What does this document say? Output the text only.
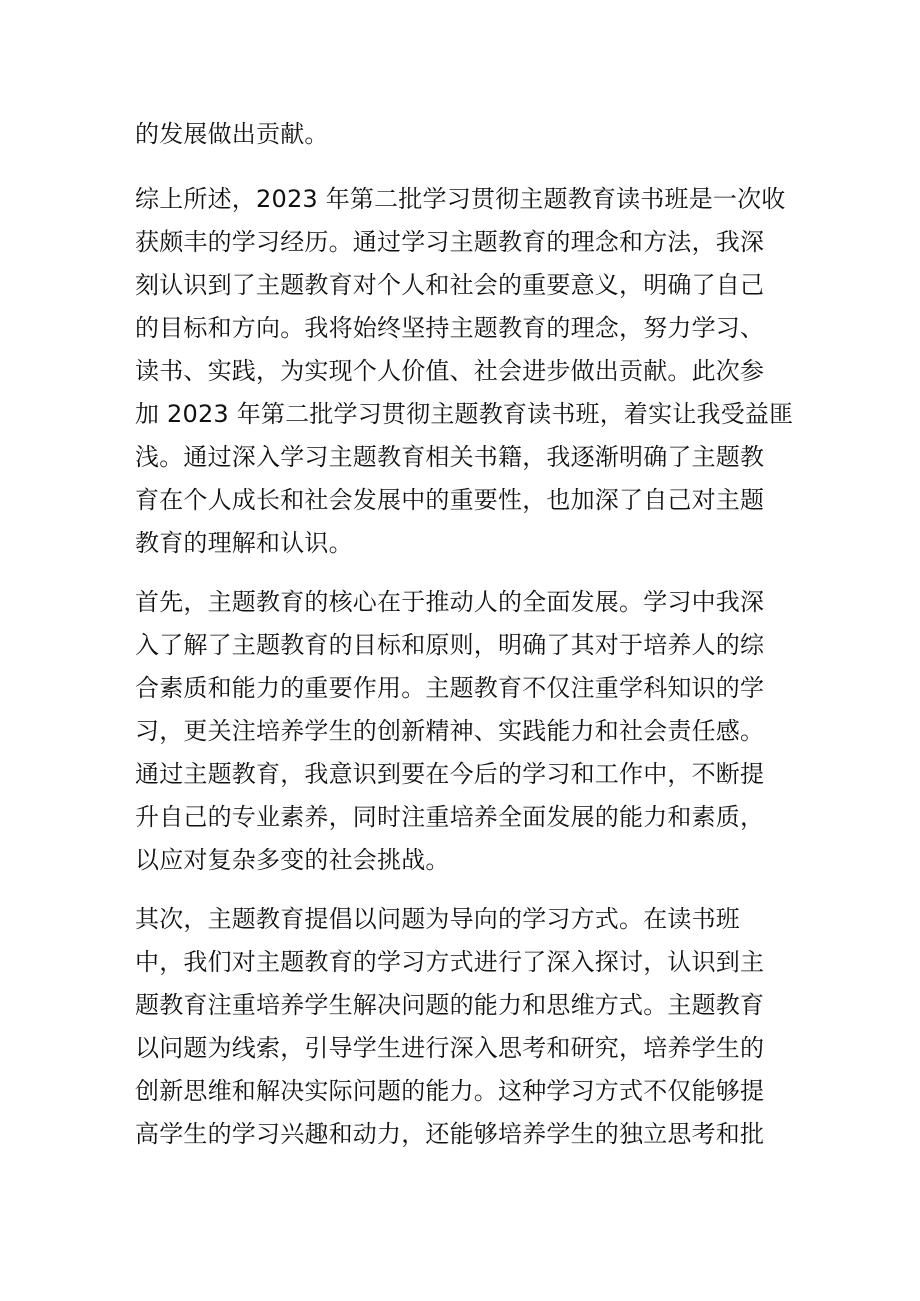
的发展做出贡献。
综上所述，2023 年第二批学习贯彻主题教育读书班是一次收
获颇丰的学习经历。通过学习主题教育的理念和方法，我深
刻认识到了主题教育对个人和社会的重要意义，明确了自己
的目标和方向。我将始终坚持主题教育的理念，努力学习、
读书、实践，为实现个人价值、社会进步做出贡献。此次参
加 2023 年第二批学习贯彻主题教育读书班，着实让我受益匪
浅。通过深入学习主题教育相关书籍，我逐渐明确了主题教
育在个人成长和社会发展中的重要性，也加深了自己对主题
教育的理解和认识。
首先，主题教育的核心在于推动人的全面发展。学习中我深
入了解了主题教育的目标和原则，明确了其对于培养人的综
合素质和能力的重要作用。主题教育不仅注重学科知识的学
习，更关注培养学生的创新精神、实践能力和社会责任感。
通过主题教育，我意识到要在今后的学习和工作中，不断提
升自己的专业素养，同时注重培养全面发展的能力和素质，
以应对复杂多变的社会挑战。
其次，主题教育提倡以问题为导向的学习方式。在读书班
中，我们对主题教育的学习方式进行了深入探讨，认识到主
题教育注重培养学生解决问题的能力和思维方式。主题教育
以问题为线索，引导学生进行深入思考和研究，培养学生的
创新思维和解决实际问题的能力。这种学习方式不仅能够提
高学生的学习兴趣和动力，还能够培养学生的独立思考和批
